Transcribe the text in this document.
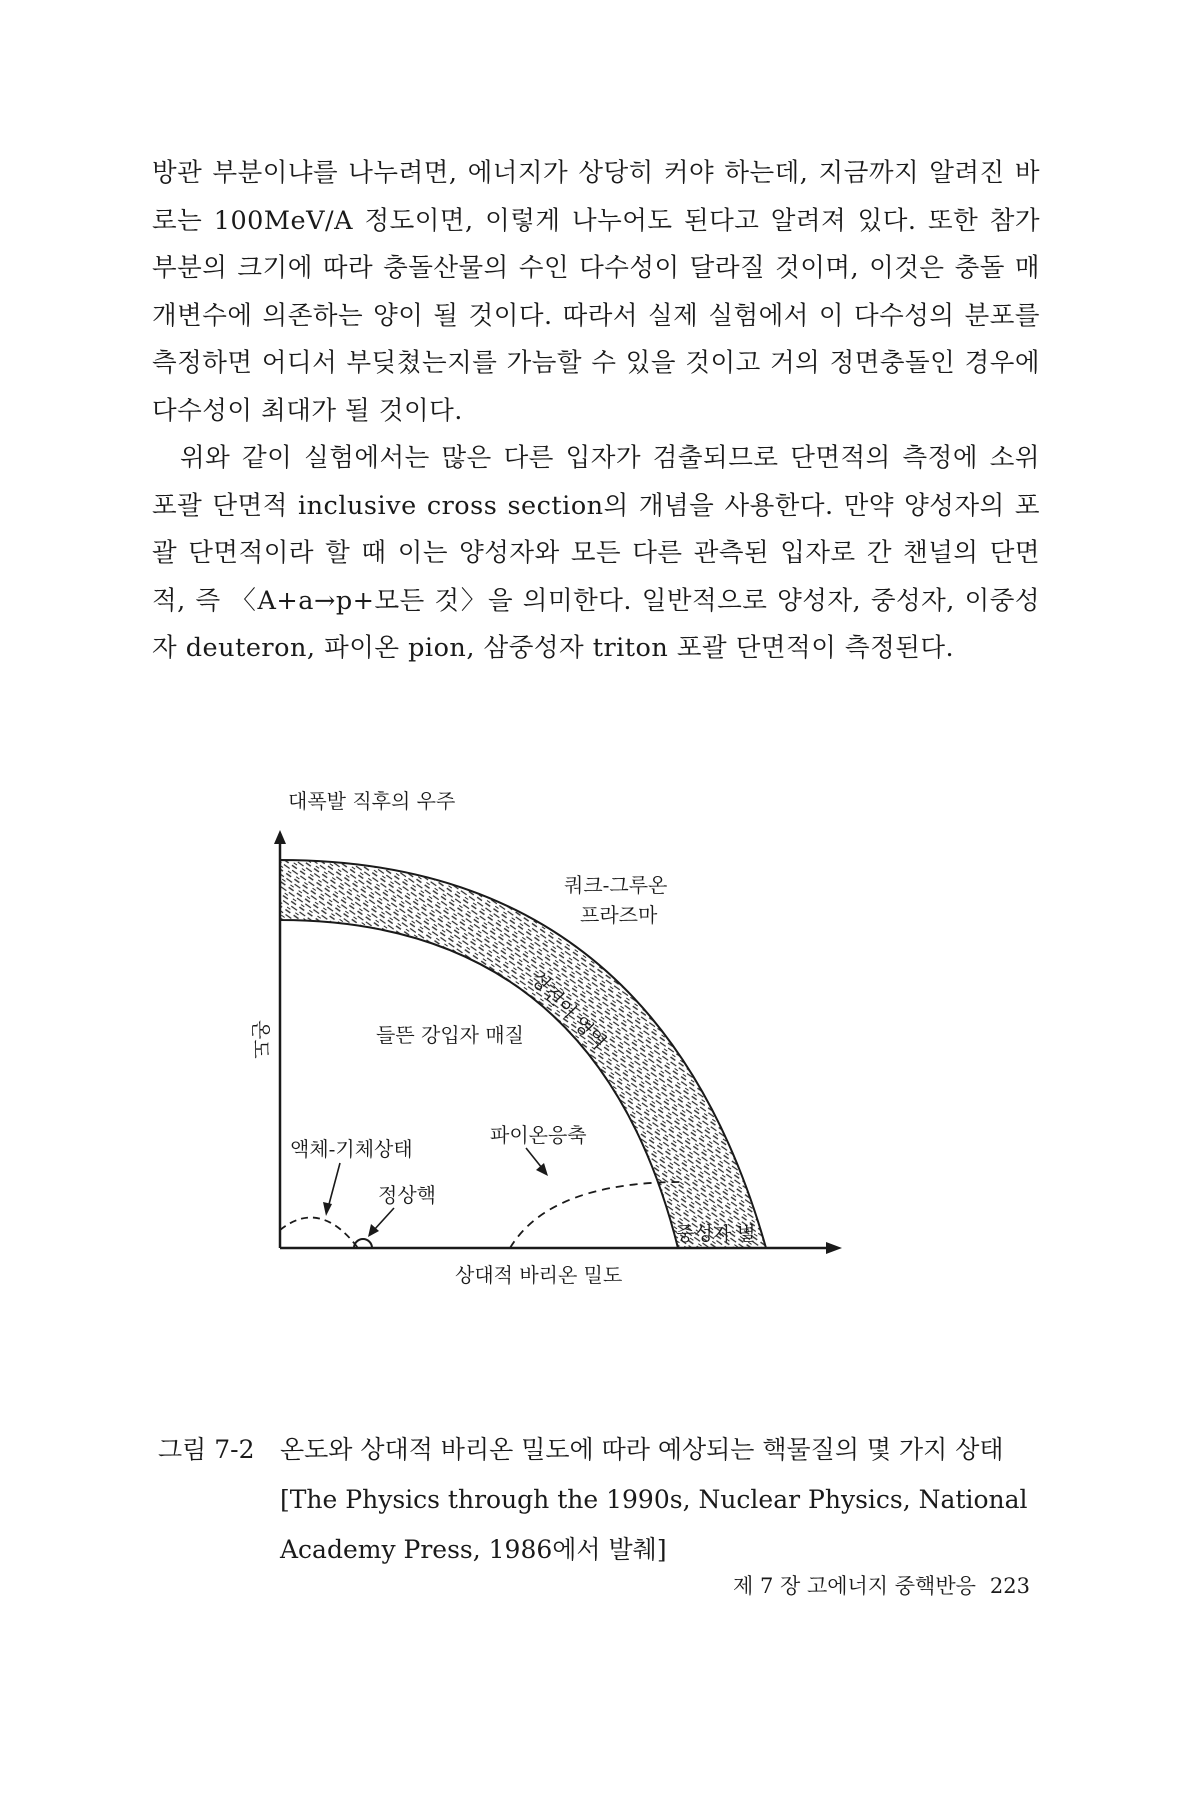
방관 부분이냐를 나누려면, 에너지가 상당히 커야 하는데, 지금까지 알려진 바로는 100MeV/A 정도이면, 이렇게 나누어도 된다고 알려져 있다. 또한 참가 부분의 크기에 따라 충돌산물의 수인 다수성이 달라질 것이며, 이것은 충돌 매개변수에 의존하는 양이 될 것이다. 따라서 실제 실험에서 이 다수성의 분포를 측정하면 어디서 부딪쳤는지를 가늠할 수 있을 것이고 거의 정면충돌인 경우에 다수성이 최대가 될 것이다.

위와 같이 실험에서는 많은 다른 입자가 검출되므로 단면적의 측정에 소위 포괄 단면적 inclusive cross section의 개념을 사용한다. 만약 양성자의 포괄 단면적이라 할 때 이는 양성자와 모든 다른 관측된 입자로 간 챈널의 단면적, 즉 〈A+a→p+모든 것〉을 의미한다. 일반적으로 양성자, 중성자, 이중성자 deuteron, 파이온 pion, 삼중성자 triton 포괄 단면적이 측정된다.

대폭발 직후의 우주
온도
상대적 바리온 밀도
쿼크-그루온
프라즈마
들뜬 강입자 매질
액체-기체상태
정상핵
파이온응축
중성자 별
상전이 영역
그림 7-2	온도와 상대적 바리온 밀도에 따라 예상되는 핵물질의 몇 가지 상태 [The Physics through the 1990s, Nuclear Physics, National Academy Press, 1986에서 발췌]
제 7 장 고에너지 중핵반응 223
